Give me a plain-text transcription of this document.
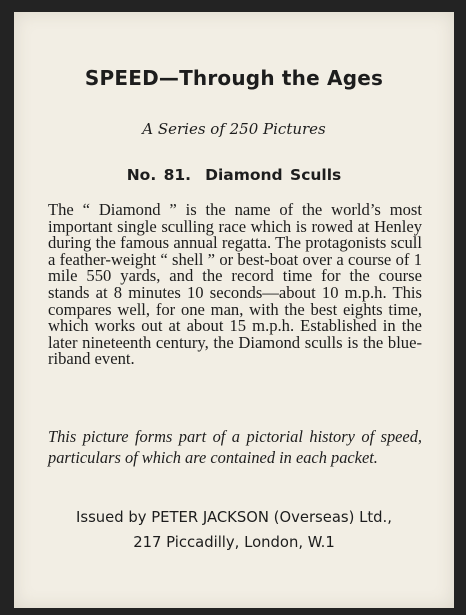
SPEED—Through the Ages
A Series of 250 Pictures
No. 81. Diamond Sculls
The “ Diamond ” is the name of the world’s most important single sculling race which is rowed at Henley during the famous annual regatta. The protagonists scull a feather-weight “ shell ” or best-boat over a course of 1 mile 550 yards, and the record time for the course stands at 8 minutes 10 seconds—about 10 m.p.h. This compares well, for one man, with the best eights time, which works out at about 15 m.p.h. Established in the later nineteenth century, the Diamond sculls is the blue-riband event.
This picture forms part of a pictorial history of speed, particulars of which are contained in each packet.
Issued by PETER JACKSON (Overseas) Ltd.,
217 Piccadilly, London, W.1
